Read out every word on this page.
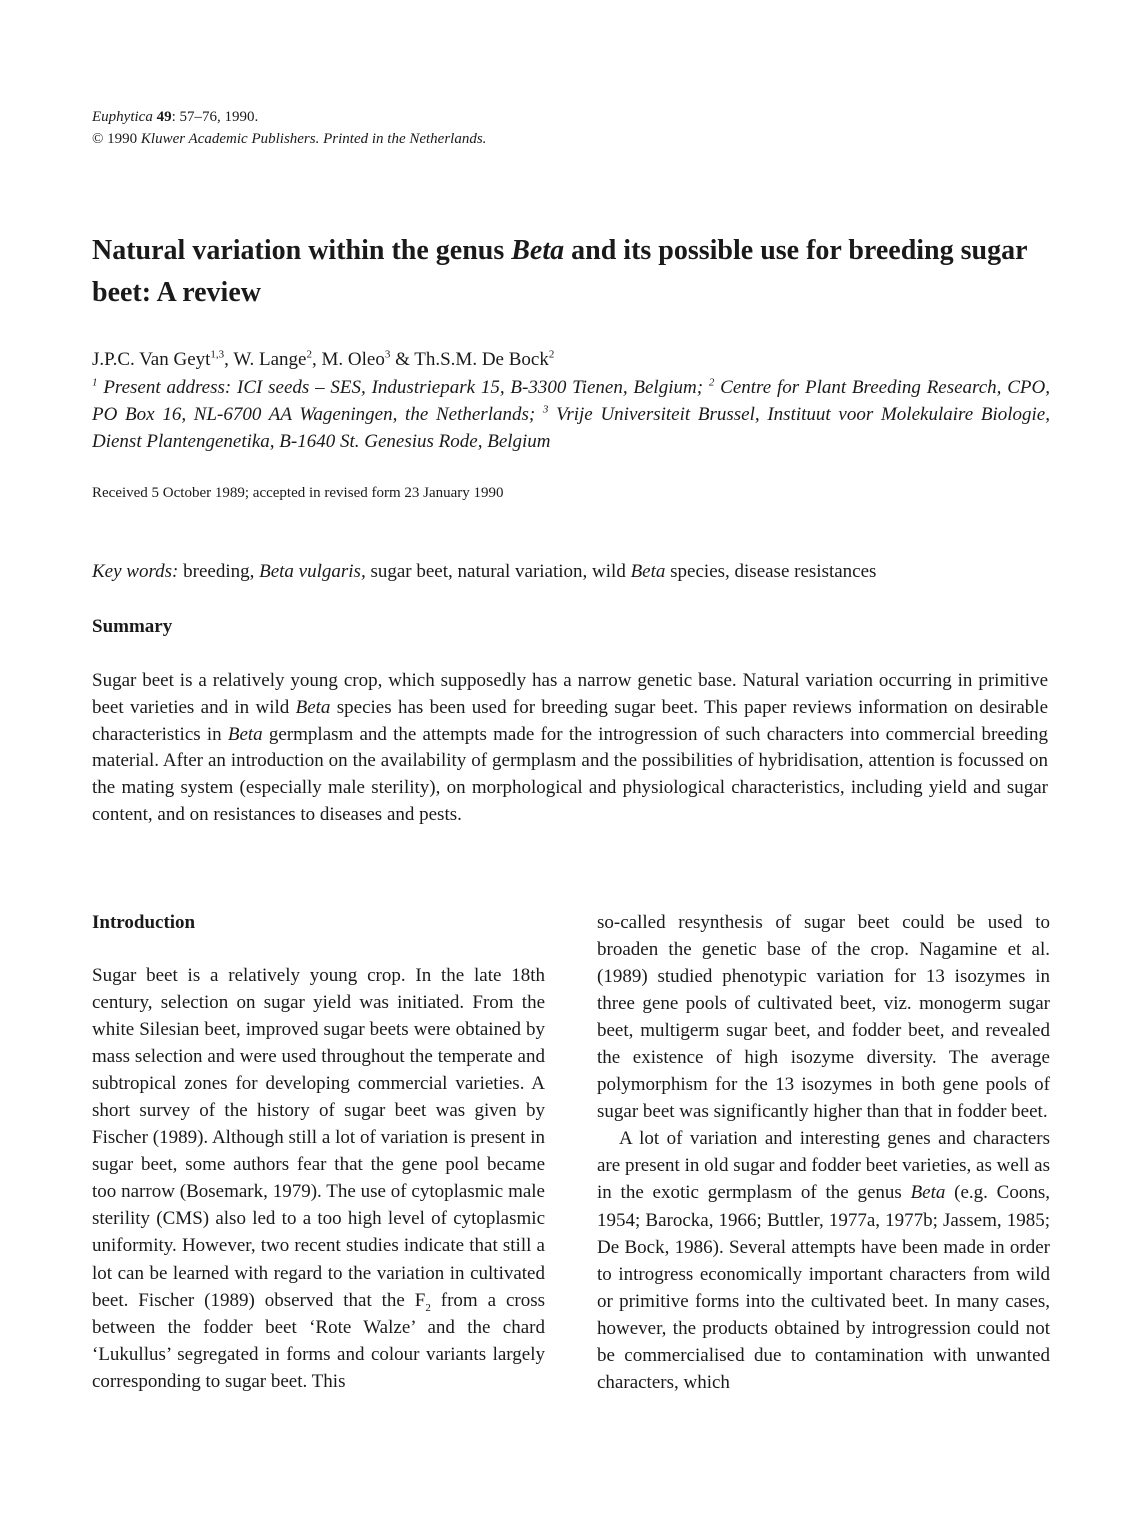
Euphytica 49: 57–76, 1990.
© 1990 Kluwer Academic Publishers. Printed in the Netherlands.
Natural variation within the genus Beta and its possible use for breeding sugar beet: A review
J.P.C. Van Geyt$^{1,3}$, W. Lange$^2$, M. Oleo$^3$ & Th.S.M. De Bock$^2$
$^1$ Present address: ICI seeds – SES, Industriepark 15, B-3300 Tienen, Belgium; $^2$ Centre for Plant Breeding Research, CPO, PO Box 16, NL-6700 AA Wageningen, the Netherlands; $^3$ Vrije Universiteit Brussel, Instituut voor Molekulaire Biologie, Dienst Plantengenetika, B-1640 St. Genesius Rode, Belgium
Received 5 October 1989; accepted in revised form 23 January 1990
Key words: breeding, Beta vulgaris, sugar beet, natural variation, wild Beta species, disease resistances
Summary

Sugar beet is a relatively young crop, which supposedly has a narrow genetic base. Natural variation occurring in primitive beet varieties and in wild Beta species has been used for breeding sugar beet. This paper reviews information on desirable characteristics in Beta germplasm and the attempts made for the introgression of such characters into commercial breeding material. After an introduction on the availability of germplasm and the possibilities of hybridisation, attention is focussed on the mating system (especially male sterility), on morphological and physiological characteristics, including yield and sugar content, and on resistances to diseases and pests.

Introduction

Sugar beet is a relatively young crop. In the late 18th century, selection on sugar yield was initiated. From the white Silesian beet, improved sugar beets were obtained by mass selection and were used throughout the temperate and subtropical zones for developing commercial varieties. A short survey of the history of sugar beet was given by Fischer (1989). Although still a lot of variation is present in sugar beet, some authors fear that the gene pool became too narrow (Bosemark, 1979). The use of cytoplasmic male sterility (CMS) also led to a too high level of cytoplasmic uniformity. However, two recent studies indicate that still a lot can be learned with regard to the variation in cultivated beet. Fischer (1989) observed that the $F_2$ from a cross between the fodder beet ‘Rote Walze’ and the chard ‘Lukullus’ segregated in forms and colour variants largely corresponding to sugar beet. This

so-called resynthesis of sugar beet could be used to broaden the genetic base of the crop. Nagamine et al. (1989) studied phenotypic variation for 13 isozymes in three gene pools of cultivated beet, viz. monogerm sugar beet, multigerm sugar beet, and fodder beet, and revealed the existence of high isozyme diversity. The average polymorphism for the 13 isozymes in both gene pools of sugar beet was significantly higher than that in fodder beet.

A lot of variation and interesting genes and characters are present in old sugar and fodder beet varieties, as well as in the exotic germplasm of the genus Beta (e.g. Coons, 1954; Barocka, 1966; Buttler, 1977a, 1977b; Jassem, 1985; De Bock, 1986). Several attempts have been made in order to introgress economically important characters from wild or primitive forms into the cultivated beet. In many cases, however, the products obtained by introgression could not be commercialised due to contamination with unwanted characters, which
